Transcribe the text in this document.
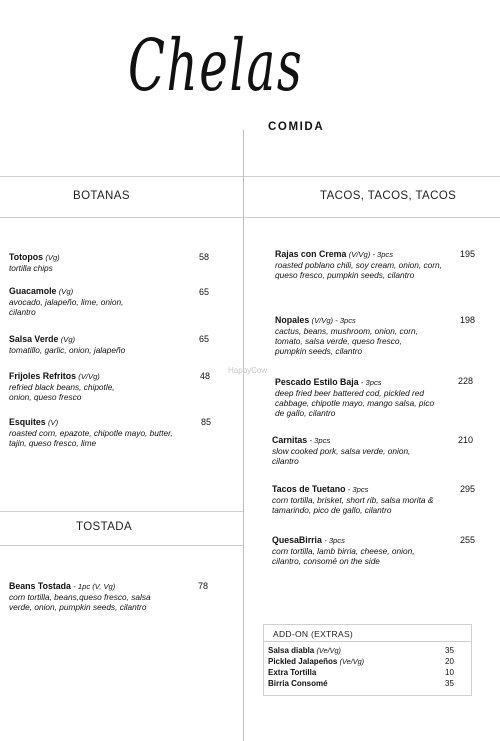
Chelas
COMIDA
BOTANAS	TACOS, TACOS, TACOS
TOSTADA
Totopos (Vg)
tortilla chips
58
Guacamole (Vg)
avocado, jalapeño, lime, onion, cilantro
65
Salsa Verde (Vg)
tomatillo, garlic, onion, jalapeño
65
Frijoles Refritos (V/Vg)
refried black beans, chipotle, onion, queso fresco
48
Esquites (V)
roasted corn, epazote, chipotle mayo, butter, tajin, queso fresco, lime
85
Beans Tostada - 1pc (V, Vg)
corn tortilla, beans,queso fresco, salsa verde, onion, pumpkin seeds, cilantro
78
Rajas con Crema (V/Vg) - 3pcs
roasted poblano chili, soy cream, onion, corn, queso fresco, pumpkin seeds, cilantro
195
Nopales (V/Vg) - 3pcs
cactus, beans, mushroom, onion, corn, tomato, salsa verde, queso fresco, pumpkin seeds, cilantro
198
Pescado Estilo Baja - 3pcs
deep fried beer battered cod, pickled red cabbage, chipotle mayo, mango salsa, pico de gallo, cilantro
228
Carnitas - 3pcs
slow cooked pork, salsa verde, onion, cilantro
210
Tacos de Tuetano - 3pcs
corn tortilla, brisket, short rib, salsa morita & tamarindo, pico de gallo, cilantro
295
QuesaBirria - 3pcs
corn tortilla, lamb birria, cheese, onion, cilantro, consomé on the side
255
ADD-ON (EXTRAS)
Salsa diabla (Ve/Vg)	35
Pickled Jalapeños (Ve/Vg)	20
Extra Tortilla	10
Birria Consomé	35
HappyCow
